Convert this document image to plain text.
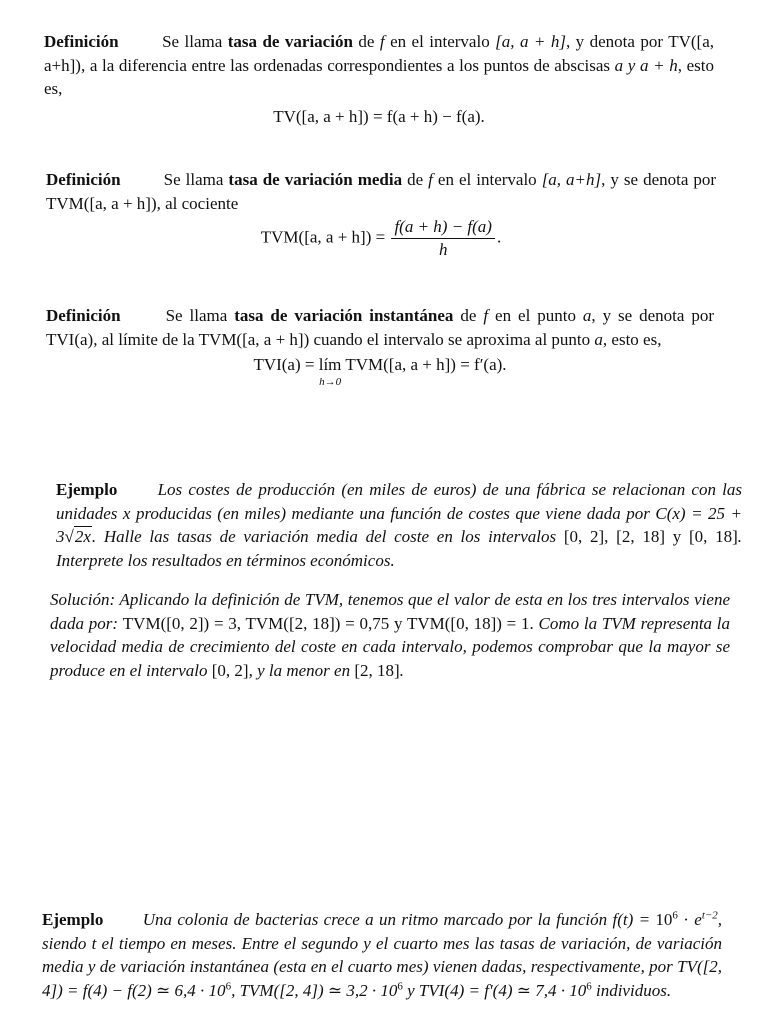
Definición	Se llama tasa de variación de f en el intervalo [a, a + h], y denota por TV([a, a+h]), a la diferencia entre las ordenadas correspondientes a los puntos de abscisas a y a + h, esto es,
TV([a, a + h]) = f(a + h) − f(a).
Definición	Se llama tasa de variación media de f en el intervalo [a, a+h], y se denota por TVM([a, a + h]), al cociente
TVM([a, $a + h]) = \frac{f(a + h) - f(a)}{h}$ .
Definición	Se llama tasa de variación instantánea de f en el punto a, y se denota por TVI(a), al límite de la TVM([a, a + h]) cuando el intervalo se aproxima al punto a, esto es,
TVI(a) = lím
h→0
TVM([a, a + h]) = f′(a).
Ejemplo Los costes de producción (en miles de euros) de una fábrica se relacionan con las unidades x producidas (en miles) mediante una función de costes que viene dada por C(x) = 25 + 3√2x. Halle las tasas de variación media del coste en los intervalos [0, 2], [2, 18] y [0, 18]. Interprete los resultados en términos económicos.
Solución: Aplicando la definición de TVM, tenemos que el valor de esta en los tres intervalos viene dada por: TVM([0, 2]) = 3, TVM([2, 18]) = 0,75 y TVM([0, 18]) = 1. Como la TVM representa la velocidad media de crecimiento del coste en cada intervalo, podemos comprobar que la mayor se produce en el intervalo [0, 2], y la menor en [2, 18].
Ejemplo Una colonia de bacterias crece a un ritmo marcado por la función $f(t) = 10^6 \cdot e^{t-2}$, siendo t el tiempo en meses. Entre el segundo y el cuarto mes las tasas de variación, de variación media y de variación instantánea (esta en el cuarto mes) vienen dadas, respectivamente, por TV([2, 4]) = f(4) − f(2) ≃ $6,4 \cdot 10^6$, TVM([2, 4]) ≃ $3,2 \cdot 10^6$ y TVI(4) = f′(4) ≃ $7,4 \cdot 10^6$ individuos.
